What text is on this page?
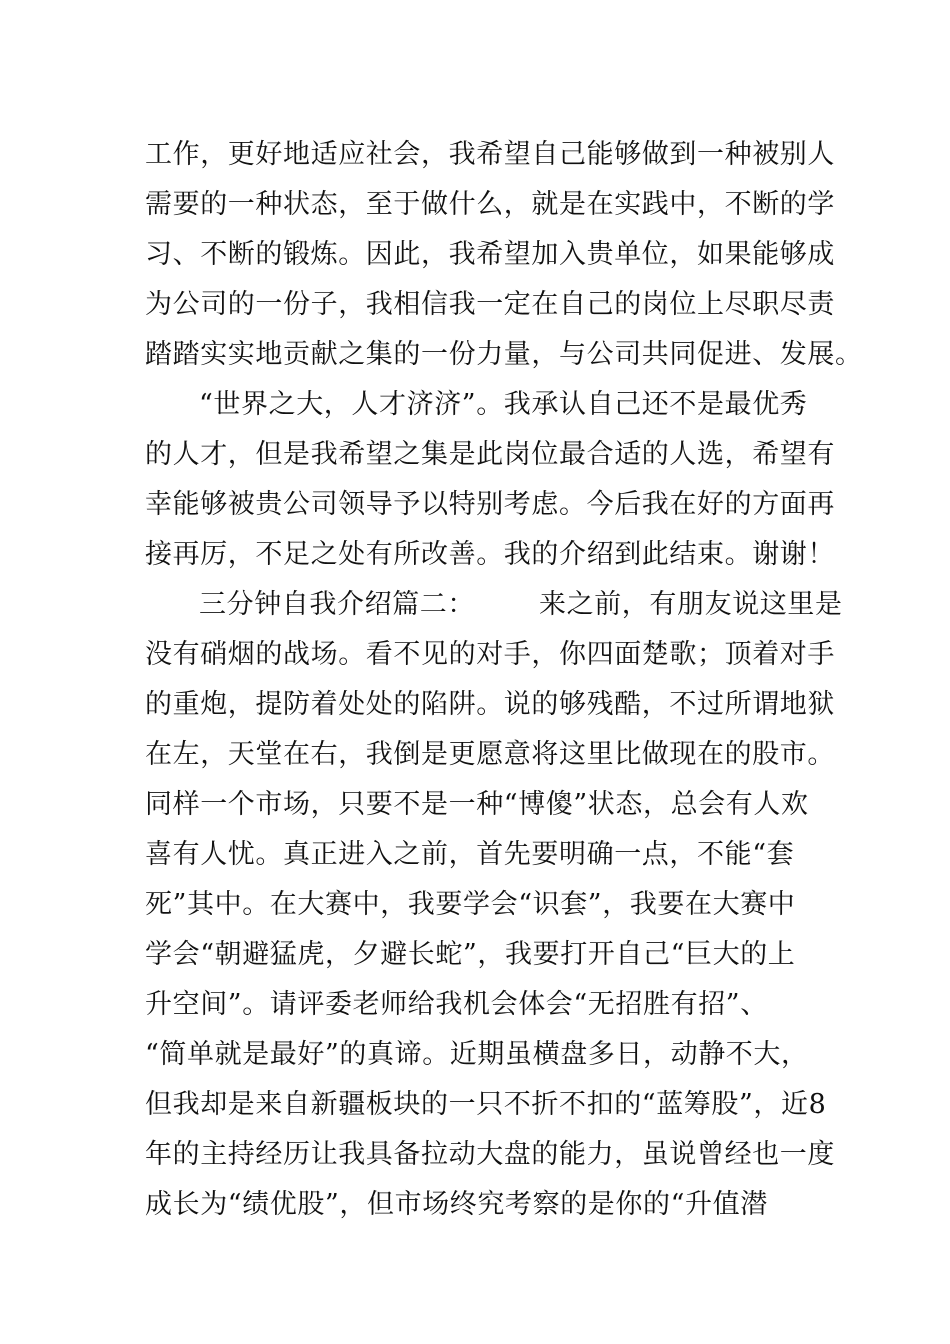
工作，更好地适应社会，我希望自己能够做到一种被别人
需要的一种状态，至于做什么，就是在实践中，不断的学
习、不断的锻炼。因此，我希望加入贵单位，如果能够成
为公司的一份子，我相信我一定在自己的岗位上尽职尽责
踏踏实实地贡献之集的一份力量，与公司共同促进、发展。
“世界之大，人才济济”。我承认自己还不是最优秀
的人才，但是我希望之集是此岗位最合适的人选，希望有
幸能够被贵公司领导予以特别考虑。今后我在好的方面再
接再厉，不足之处有所改善。我的介绍到此结束。谢谢！
三分钟自我介绍篇二： 来之前，有朋友说这里是
没有硝烟的战场。看不见的对手，你四面楚歌；顶着对手
的重炮，提防着处处的陷阱。说的够残酷，不过所谓地狱
在左，天堂在右，我倒是更愿意将这里比做现在的股市。
同样一个市场，只要不是一种“博傻”状态，总会有人欢
喜有人忧。真正进入之前，首先要明确一点，不能“套
死”其中。在大赛中，我要学会“识套”，我要在大赛中
学会“朝避猛虎，夕避长蛇”，我要打开自己“巨大的上
升空间”。请评委老师给我机会体会“无招胜有招”、
“简单就是最好”的真谛。近期虽横盘多日，动静不大，
但我却是来自新疆板块的一只不折不扣的“蓝筹股”，近8
年的主持经历让我具备拉动大盘的能力，虽说曾经也一度
成长为“绩优股”，但市场终究考察的是你的“升值潜
